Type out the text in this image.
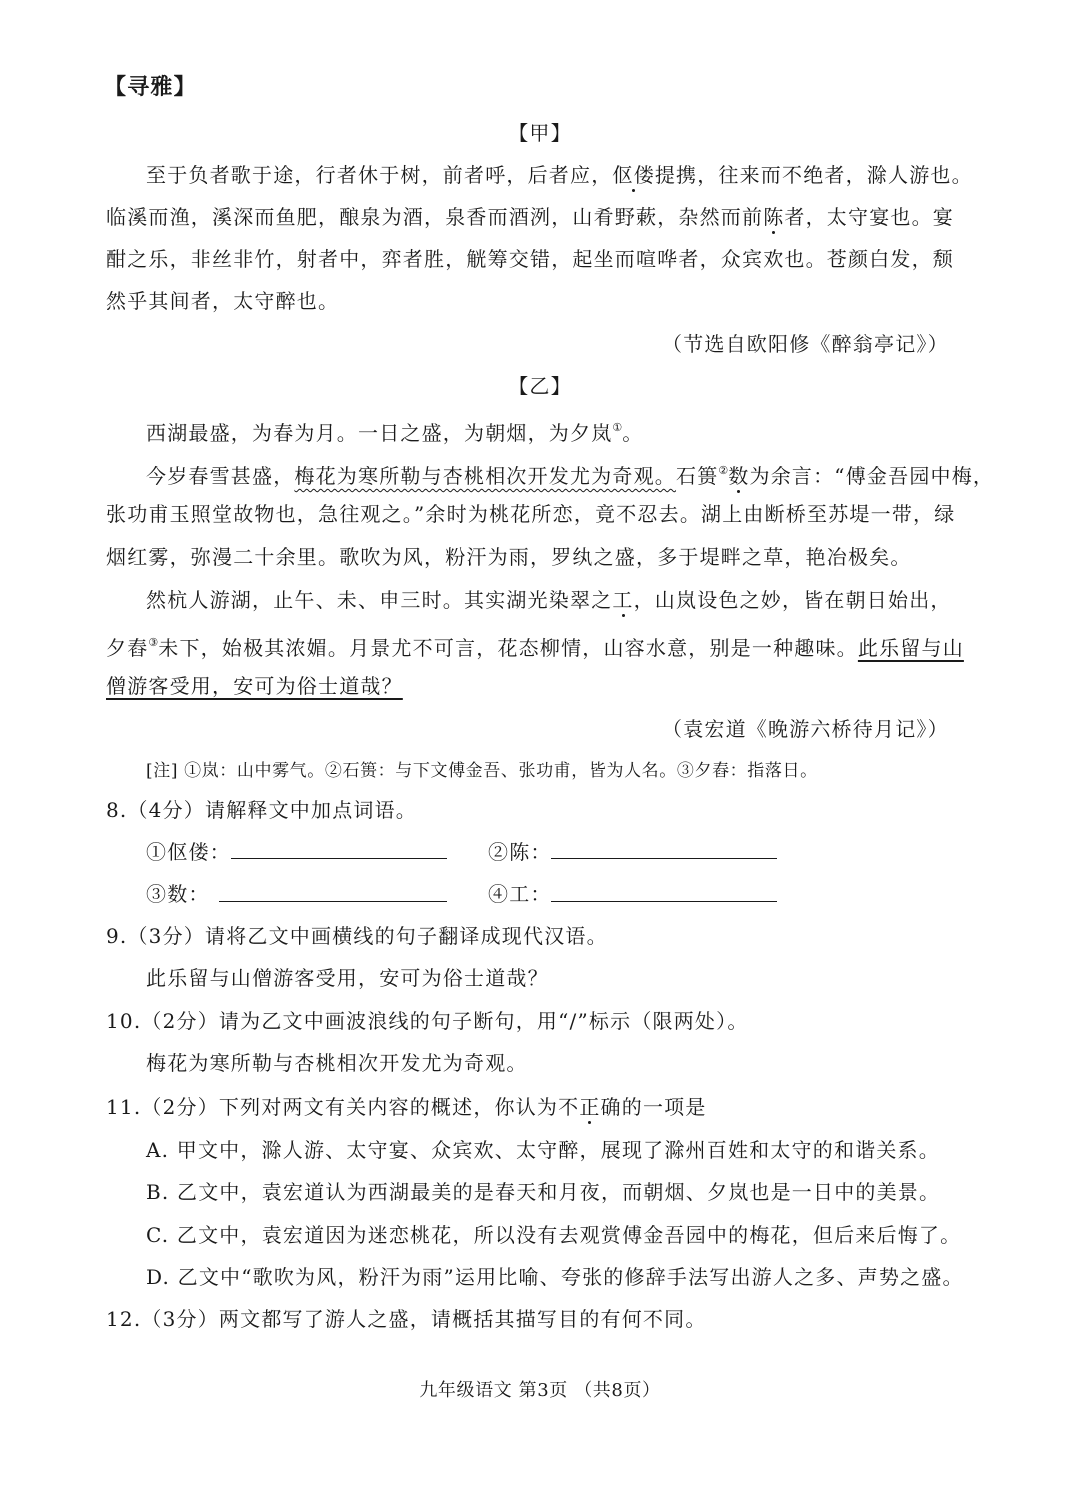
【寻雅】
【甲】
至于负者歌于途，行者休于树，前者呼，后者应，伛偻提携，往来而不绝者，滁人游也。
临溪而渔，溪深而鱼肥，酿泉为酒，泉香而酒洌，山肴野蔌，杂然而前陈者，太守宴也。宴
酣之乐，非丝非竹，射者中，弈者胜，觥筹交错，起坐而喧哗者，众宾欢也。苍颜白发，颓
然乎其间者，太守醉也。
（节选自欧阳修《醉翁亭记》）
【乙】
西湖最盛，为春为月。一日之盛，为朝烟，为夕岚①。
今岁春雪甚盛，梅花为寒所勒与杏桃相次开发尤为奇观。石篑②数为余言：“傅金吾园中梅，
张功甫玉照堂故物也，急往观之。”余时为桃花所恋，竟不忍去。湖上由断桥至苏堤一带，绿
烟红雾，弥漫二十余里。歌吹为风，粉汗为雨，罗纨之盛，多于堤畔之草，艳冶极矣。
然杭人游湖，止午、未、申三时。其实湖光染翠之工，山岚设色之妙，皆在朝日始出，
夕舂③未下，始极其浓媚。月景尤不可言，花态柳情，山容水意，别是一种趣味。此乐留与山
僧游客受用，安可为俗士道哉？
（袁宏道《晚游六桥待月记》）
[注] ①岚：山中雾气。②石篑：与下文傅金吾、张功甫，皆为人名。③夕舂：指落日。
8.（4分）请解释文中加点词语。
①伛偻：	②陈：
③数：	④工：
9.（3分）请将乙文中画横线的句子翻译成现代汉语。
此乐留与山僧游客受用，安可为俗士道哉？
10.（2分）请为乙文中画波浪线的句子断句，用“/”标示（限两处）。
梅花为寒所勒与杏桃相次开发尤为奇观。
11.（2分）下列对两文有关内容的概述，你认为不正确的一项是
A. 甲文中，滁人游、太守宴、众宾欢、太守醉，展现了滁州百姓和太守的和谐关系。
B. 乙文中，袁宏道认为西湖最美的是春天和月夜，而朝烟、夕岚也是一日中的美景。
C. 乙文中，袁宏道因为迷恋桃花，所以没有去观赏傅金吾园中的梅花，但后来后悔了。
D. 乙文中“歌吹为风，粉汗为雨”运用比喻、夸张的修辞手法写出游人之多、声势之盛。
12.（3分）两文都写了游人之盛，请概括其描写目的有何不同。
九年级语文 第3页 （共8页）
